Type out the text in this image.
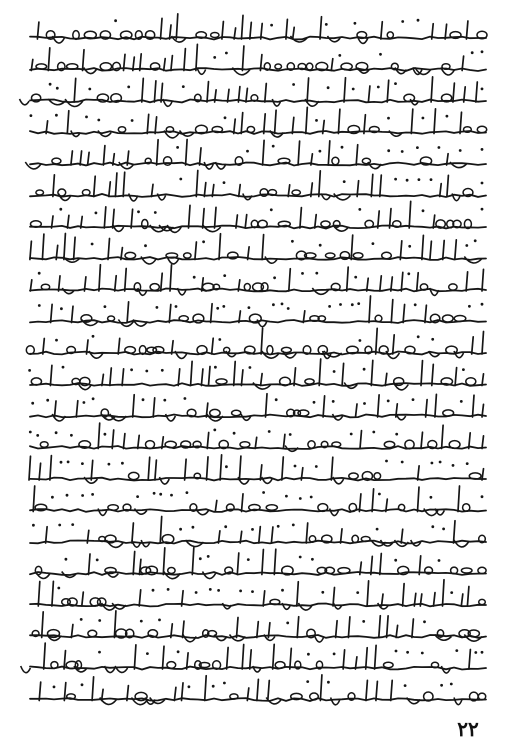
٢٢
